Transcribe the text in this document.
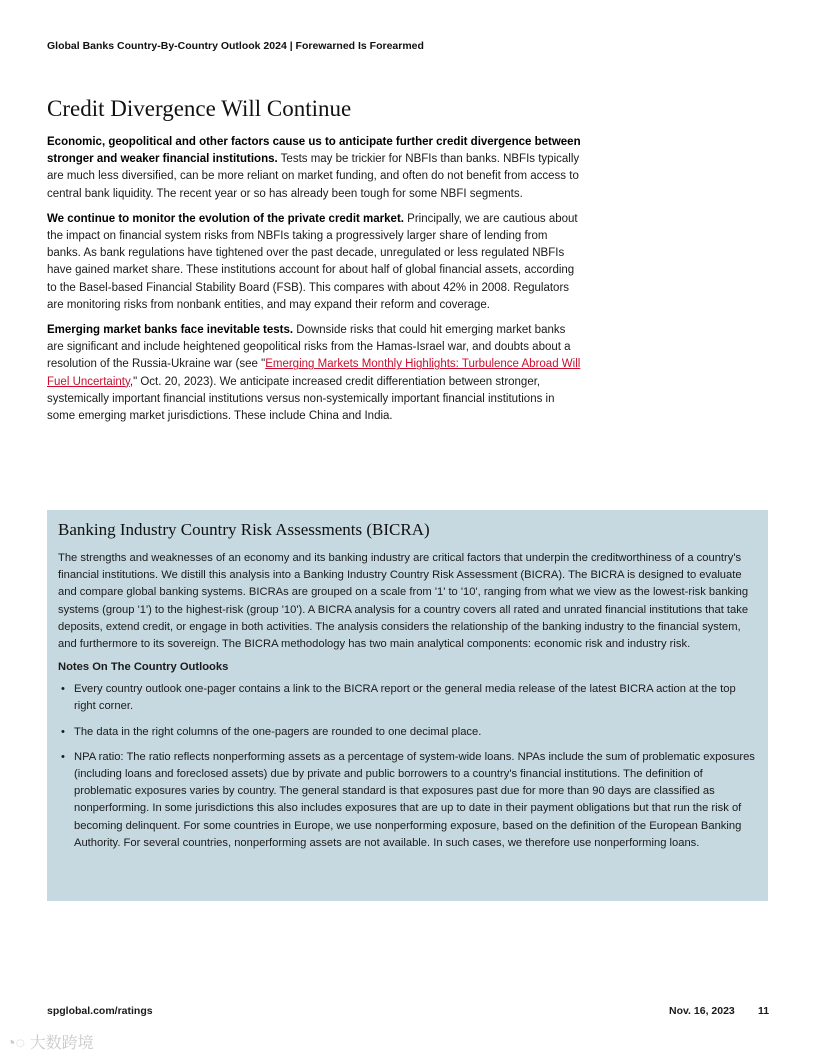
Global Banks Country-By-Country Outlook 2024 | Forewarned Is Forearmed
Credit Divergence Will Continue

Economic, geopolitical and other factors cause us to anticipate further credit divergence between stronger and weaker financial institutions. Tests may be trickier for NBFIs than banks. NBFIs typically are much less diversified, can be more reliant on market funding, and often do not benefit from access to central bank liquidity. The recent year or so has already been tough for some NBFI segments.

We continue to monitor the evolution of the private credit market. Principally, we are cautious about the impact on financial system risks from NBFIs taking a progressively larger share of lending from banks. As bank regulations have tightened over the past decade, unregulated or less regulated NBFIs have gained market share. These institutions account for about half of global financial assets, according to the Basel-based Financial Stability Board (FSB). This compares with about 42% in 2008. Regulators are monitoring risks from nonbank entities, and may expand their reform and coverage.

Emerging market banks face inevitable tests. Downside risks that could hit emerging market banks are significant and include heightened geopolitical risks from the Hamas-Israel war, and doubts about a resolution of the Russia-Ukraine war (see "Emerging Markets Monthly Highlights: Turbulence Abroad Will Fuel Uncertainty," Oct. 20, 2023). We anticipate increased credit differentiation between stronger, systemically important financial institutions versus non-systemically important financial institutions in some emerging market jurisdictions. These include China and India.

Banking Industry Country Risk Assessments (BICRA)

The strengths and weaknesses of an economy and its banking industry are critical factors that underpin the creditworthiness of a country's financial institutions. We distill this analysis into a Banking Industry Country Risk Assessment (BICRA). The BICRA is designed to evaluate and compare global banking systems. BICRAs are grouped on a scale from '1' to '10', ranging from what we view as the lowest-risk banking systems (group '1') to the highest-risk (group '10'). A BICRA analysis for a country covers all rated and unrated financial institutions that take deposits, extend credit, or engage in both activities. The analysis considers the relationship of the banking industry to the financial system, and furthermore to its sovereign. The BICRA methodology has two main analytical components: economic risk and industry risk.

Notes On The Country Outlooks
• Every country outlook one-pager contains a link to the BICRA report or the general media release of the latest BICRA action at the top right corner.
• The data in the right columns of the one-pagers are rounded to one decimal place.
• NPA ratio: The ratio reflects nonperforming assets as a percentage of system-wide loans. NPAs include the sum of problematic exposures (including loans and foreclosed assets) due by private and public borrowers to a country's financial institutions. The definition of problematic exposures varies by country. The general standard is that exposures past due for more than 90 days are classified as nonperforming. In some jurisdictions this also includes exposures that are up to date in their payment obligations but that run the risk of becoming delinquent. For some countries in Europe, we use nonperforming exposure, based on the definition of the European Banking Authority. For several countries, nonperforming assets are not available. In such cases, we therefore use nonperforming loans.
spglobal.com/ratings	Nov. 16, 2023 11
◔◌ 大数跨境
